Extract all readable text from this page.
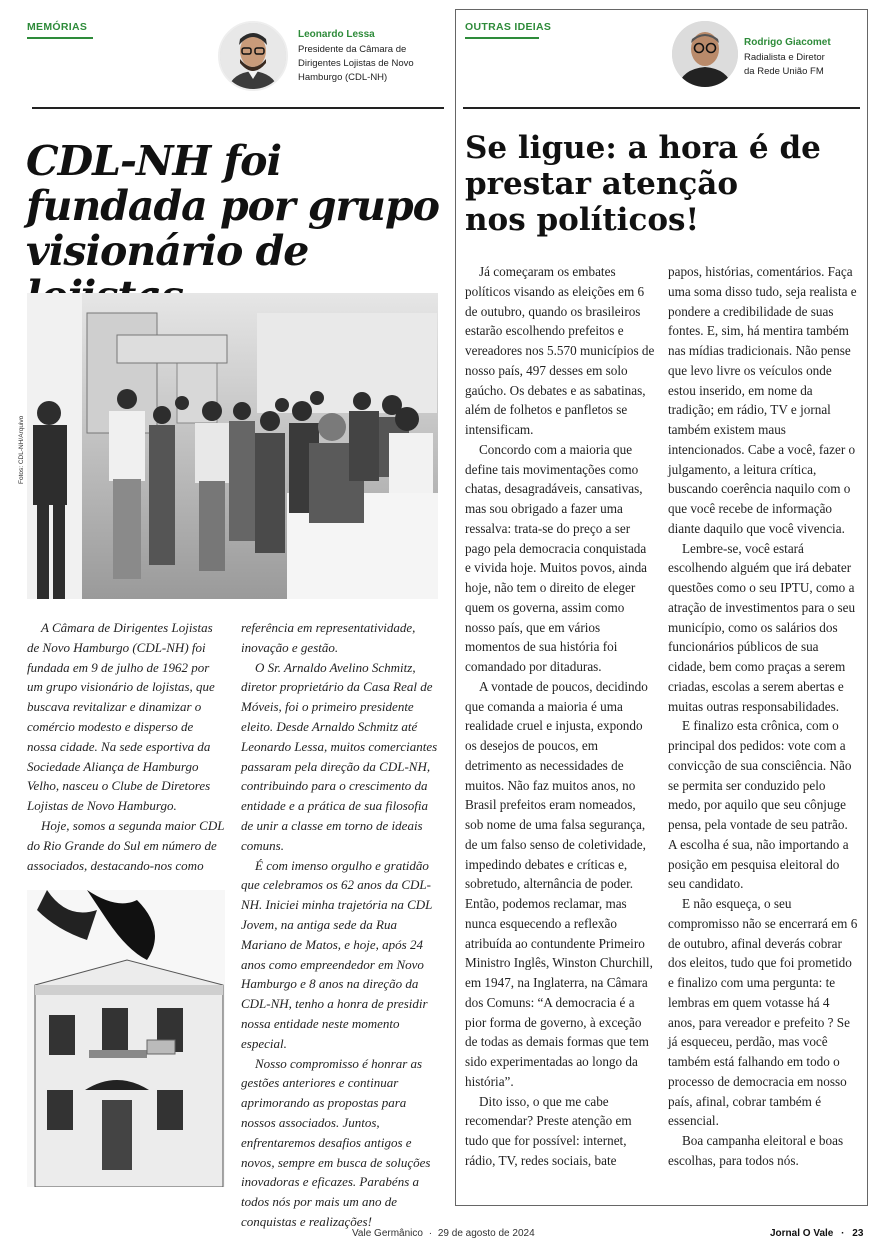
MEMÓRIAS
Leonardo Lessa
Presidente da Câmara de
Dirigentes Lojistas de Novo
Hamburgo (CDL-NH)
OUTRAS IDEIAS
Rodrigo Giacomet
Radialista e Diretor
da Rede União FM
CDL-NH foi
fundada por grupo
visionário de
Se ligue: a hora é de
prestar atenção
nos políticos!
Fotos: CDL-NH/Arquivo

A Câmara de Dirigentes Lojistas de Novo Hamburgo (CDL-NH) foi fundada em 9 de julho de 1962 por um grupo visionário de lojistas, que buscava revitalizar e dinamizar o comércio modesto e disperso de nossa cidade. Na sede esportiva da Sociedade Aliança de Hamburgo Velho, nasceu o Clube de Diretores Lojistas de Novo Hamburgo.

Hoje, somos a segunda maior CDL do Rio Grande do Sul em número de associados, destacando-nos como

referência em representatividade, inovação e gestão.

O Sr. Arnaldo Avelino Schmitz, diretor proprietário da Casa Real de Móveis, foi o primeiro presidente eleito. Desde Arnaldo Schmitz até Leonardo Lessa, muitos comerciantes passaram pela direção da CDL-NH, contribuindo para o crescimento da entidade e a prática de sua filosofia de unir a classe em torno de ideais comuns.

É com imenso orgulho e gratidão que celebramos os 62 anos da CDL-NH. Iniciei minha trajetória na CDL Jovem, na antiga sede da Rua Mariano de Matos, e hoje, após 24 anos como empreendedor em Novo Hamburgo e 8 anos na direção da CDL-NH, tenho a honra de presidir nossa entidade neste momento especial.

Nosso compromisso é honrar as gestões anteriores e continuar aprimorando as propostas para nossos associados. Juntos, enfrentaremos desafios antigos e novos, sempre em busca de soluções inovadoras e eficazes. Parabéns a todos nós por mais um ano de conquistas e realizações!

Já começaram os embates políticos visando as eleições em 6 de outubro, quando os brasileiros estarão escolhendo prefeitos e vereadores nos 5.570 municípios de nosso país, 497 desses em solo gaúcho. Os debates e as sabatinas, além de folhetos e panfletos se intensificam.

Concordo com a maioria que define tais movimentações como chatas, desagradáveis, cansativas, mas sou obrigado a fazer uma ressalva: trata-se do preço a ser pago pela democracia conquistada e vivida hoje. Muitos povos, ainda hoje, não tem o direito de eleger quem os governa, assim como nosso país, que em vários momentos de sua história foi comandado por ditaduras.

A vontade de poucos, decidindo que comanda a maioria é uma realidade cruel e injusta, expondo os desejos de poucos, em detrimento as necessidades de muitos. Não faz muitos anos, no Brasil prefeitos eram nomeados, sob nome de uma falsa segurança, de um falso senso de coletividade, impedindo debates e críticas e, sobretudo, alternância de poder. Então, podemos reclamar, mas nunca esquecendo a reflexão atribuída ao contundente Primeiro Ministro Inglês, Winston Churchill, em 1947, na Inglaterra, na Câmara dos Comuns: “A democracia é a pior forma de governo, à exceção de todas as demais formas que tem sido experimentadas ao longo da história”.

Dito isso, o que me cabe recomendar? Preste atenção em tudo que for possível: internet, rádio, TV, redes sociais, bate

papos, histórias, comentários. Faça uma soma disso tudo, seja realista e pondere a credibilidade de suas fontes. E, sim, há mentira também nas mídias tradicionais. Não pense que levo livre os veículos onde estou inserido, em nome da tradição; em rádio, TV e jornal também existem maus intencionados. Cabe a você, fazer o julgamento, a leitura crítica, buscando coerência naquilo com o que você recebe de informação diante daquilo que você vivencia.

Lembre-se, você estará escolhendo alguém que irá debater questões como o seu IPTU, como a atração de investimentos para o seu município, como os salários dos funcionários públicos de sua cidade, bem como praças a serem criadas, escolas a serem abertas e muitas outras responsabilidades.

E finalizo esta crônica, com o principal dos pedidos: vote com a convicção de sua consciência. Não se permita ser conduzido pelo medo, por aquilo que seu cônjuge pensa, pela vontade de seu patrão. A escolha é sua, não importando a posição em pesquisa eleitoral do seu candidato.

E não esqueça, o seu compromisso não se encerrará em 6 de outubro, afinal deverás cobrar dos eleitos, tudo que foi prometido e finalizo com uma pergunta: te lembras em quem votasse há 4 anos, para vereador e prefeito ? Se já esqueceu, perdão, mas você também está falhando em todo o processo de democracia em nosso país, afinal, cobrar também é essencial.

Boa campanha eleitoral e boas escolhas, para todos nós.

Vale Germânico · 29 de agosto de 2024	Jornal O Vale · 23
